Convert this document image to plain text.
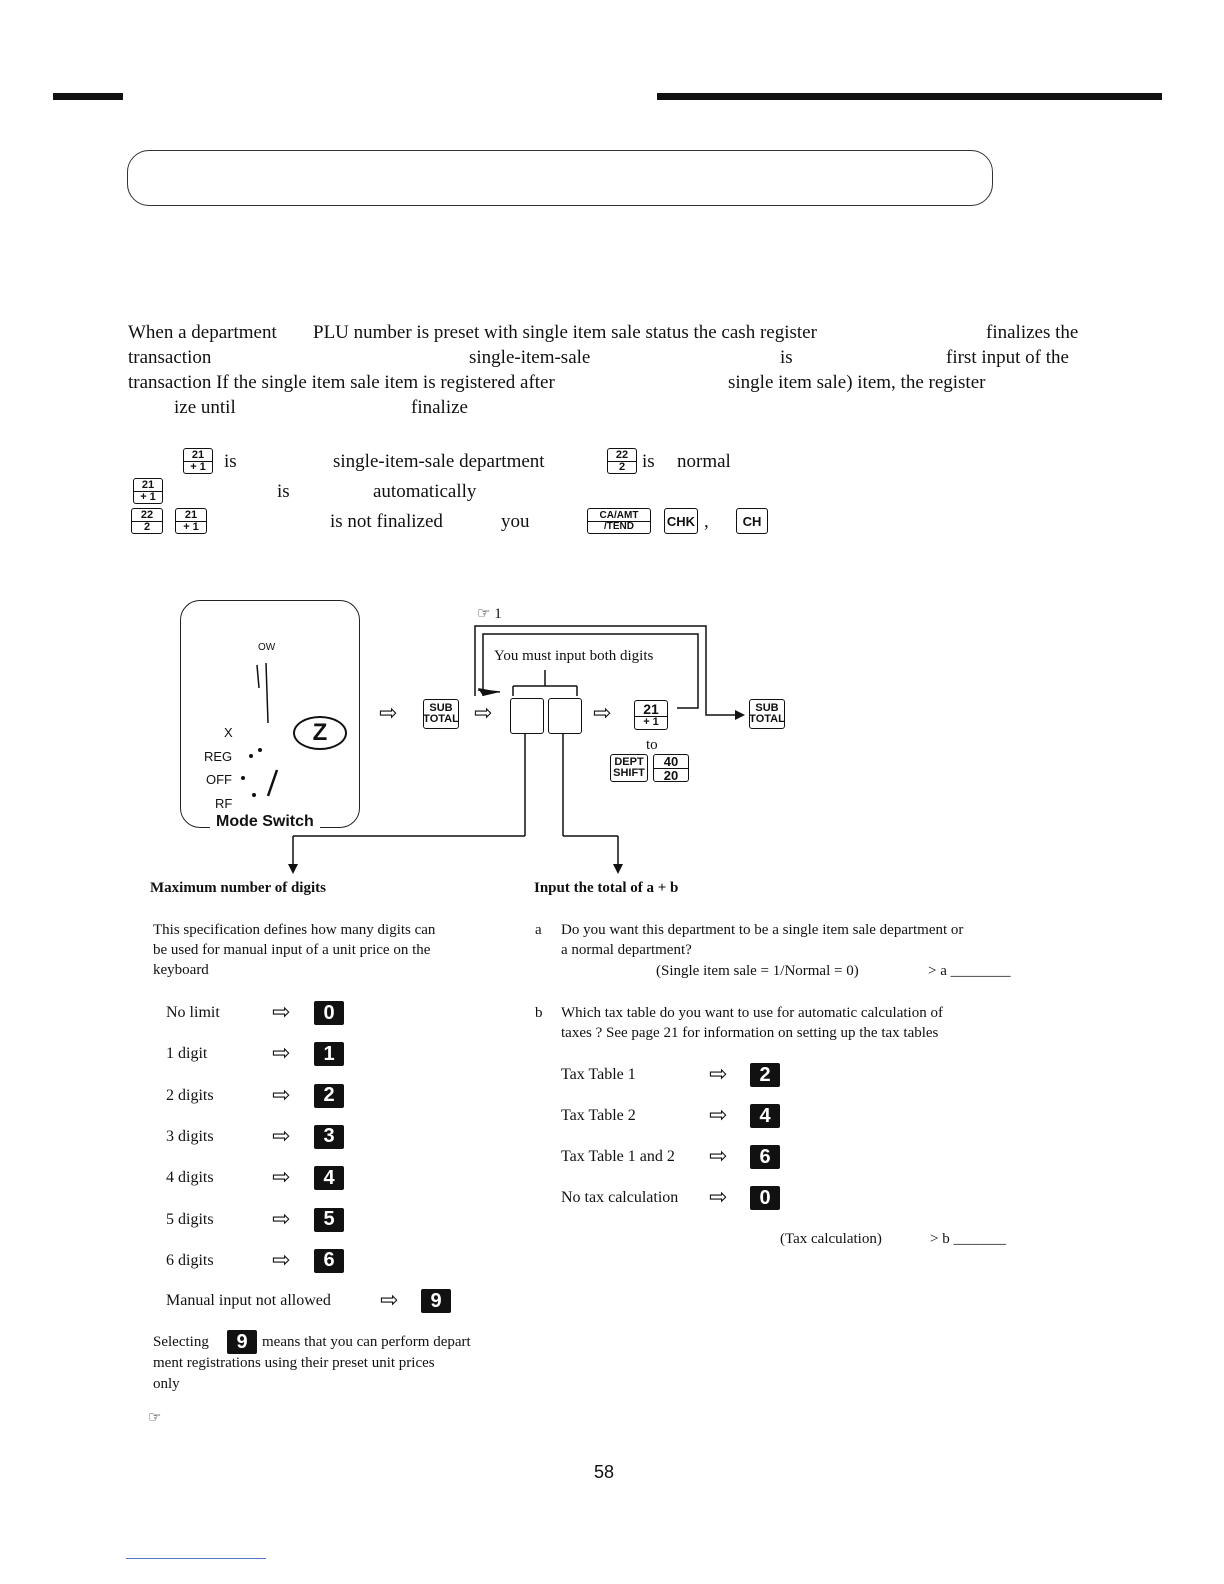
When a department PLU number is preset with single item sale status the cash register	finalizes the
transaction	single-item-sale	is	first input of the
transaction If the single item sale item is registered after	single item sale) item, the register
ize until	finalize
21
+ 1 is	single-item-sale department	22
2 is normal
21
+ 1	is	automatically
22
2
21
+ 1	is not finalized	you	CA/AMT
/TEND	CHK ,	CH
OW
X
REG
OFF
RF
Z
Mode Switch
⇨	SUB
TOTAL ⇨	⇨ 21
+ 1
to
DEPT
SHIFT
40
20
SUB
TOTAL
☞ 1
You must input both digits
Maximum number of digits
This specification defines how many digits can
be used for manual input of a unit price on the
keyboard
No limit ⇨	0
1 digit	⇨	1
2 digits	⇨	2
3 digits	⇨	3
4 digits	⇨	4
5 digits	⇨	5
6 digits	⇨	6
Manual input not allowed ⇨	9
Selecting	9 means that you can perform depart
ment registrations using their preset unit prices
only
☞
Input the total of a + b
a Do you want this department to be a single item sale department or
a normal department?
(Single item sale = 1/Normal = 0)	> a ________
b Which tax table do you want to use for automatic calculation of
taxes ? See page 21 for information on setting up the tax tables
Tax Table 1	⇨	2
Tax Table 2	⇨	4
Tax Table 1 and 2 ⇨	6
No tax calculation ⇨	0
(Tax calculation)	> b _______
58
